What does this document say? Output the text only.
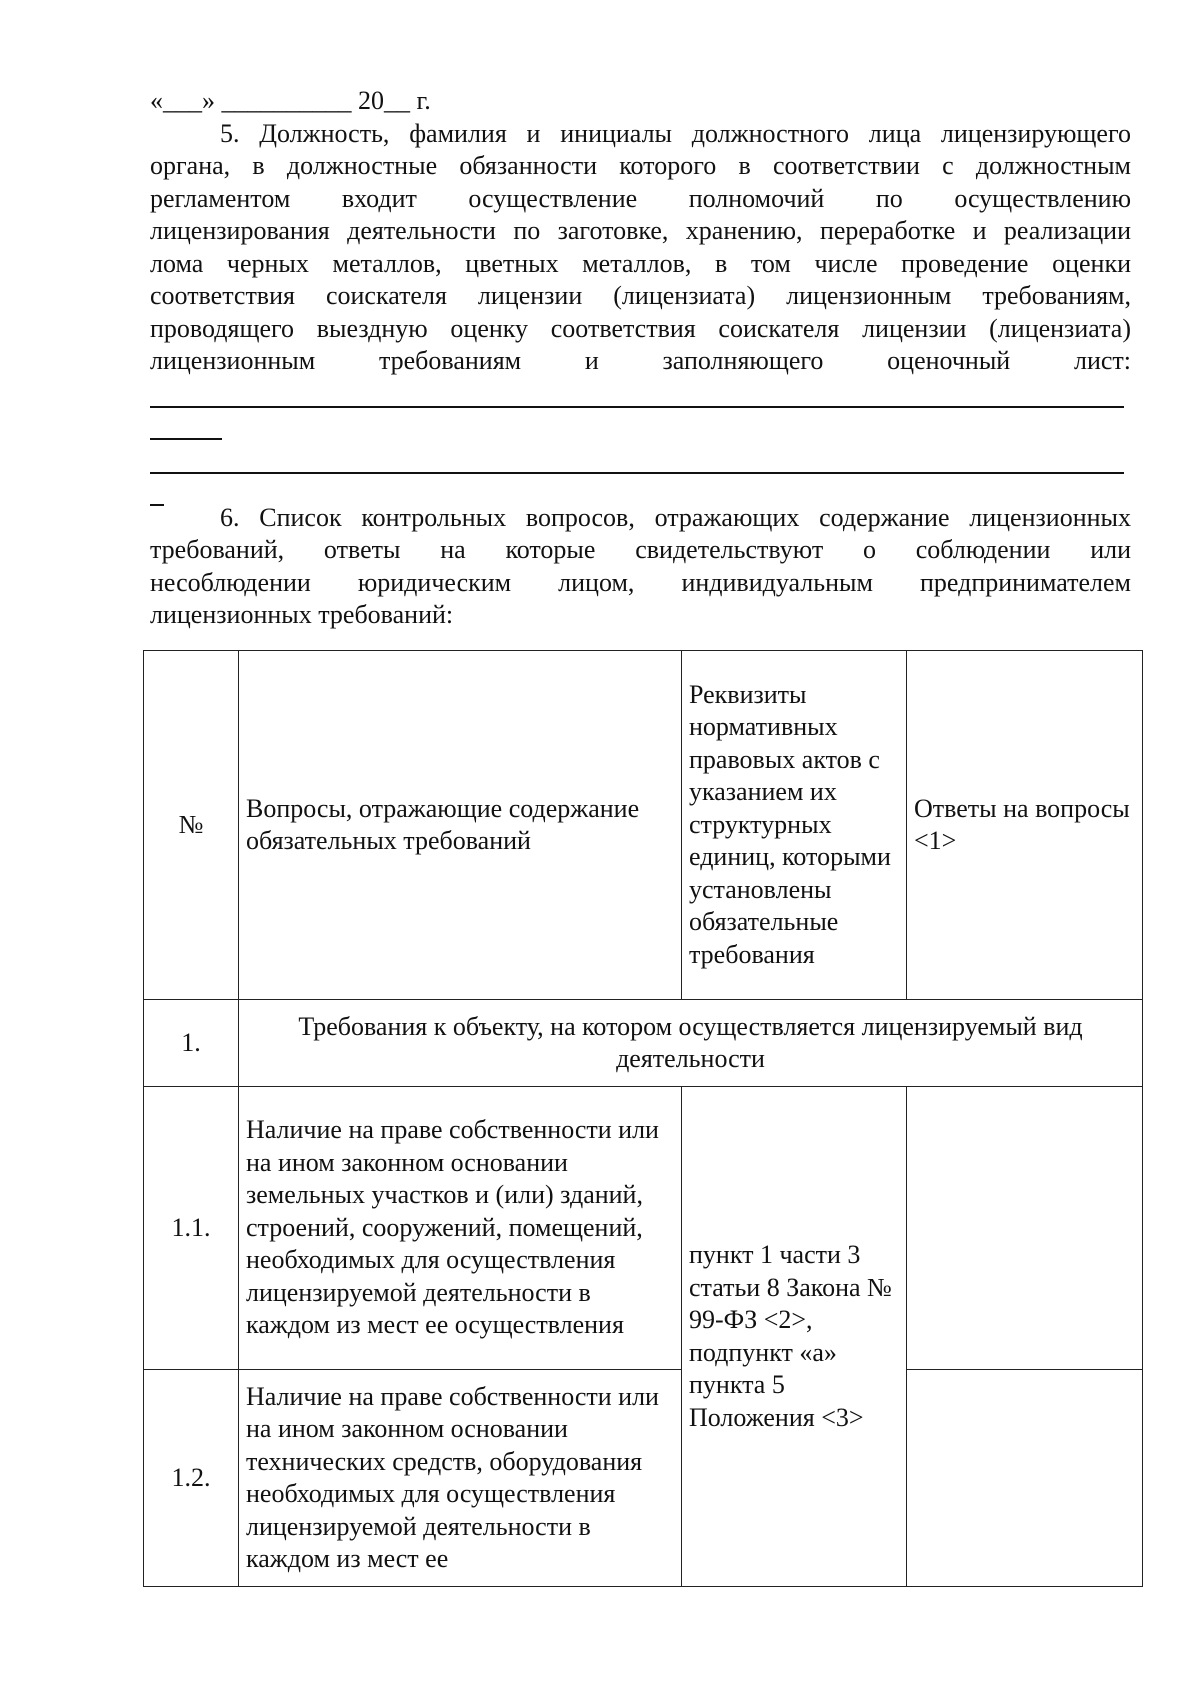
«___» __________ 20__ г.
5. Должность, фамилия и инициалы должностного лица лицензирующего
органа, в должностные обязанности которого в соответствии с должностным
регламентом входит осуществление полномочий по осуществлению
лицензирования деятельности по заготовке, хранению, переработке и реализации
лома черных металлов, цветных металлов, в том числе проведение оценки
соответствия соискателя лицензии (лицензиата) лицензионным требованиям,
проводящего выездную оценку соответствия соискателя лицензии (лицензиата)
лицензионным требованиям и заполняющего оценочный лист:
6. Список контрольных вопросов, отражающих содержание лицензионных
требований, ответы на которые свидетельствуют о соблюдении или
несоблюдении юридическим лицом, индивидуальным предпринимателем
лицензионных требований:
№	Вопросы, отражающие содержание обязательных требований	Реквизиты нормативных правовых актов с указанием их структурных единиц, которыми установлены обязательные требования	Ответы на вопросы <1>
1.	Требования к объекту, на котором осуществляется лицензируемый вид деятельности		
1.1.	Наличие на праве собственности или на ином законном основании земельных участков и (или) зданий, строений, сооружений, помещений, необходимых для осуществления лицензируемой деятельности в каждом из мест ее осуществления	пункт 1 части 3 статьи 8 Закона № 99-ФЗ <2>, подпункт «а» пункта 5 Положения <3>	
1.2.	Наличие на праве собственности или на ином законном основании технических средств, оборудования необходимых для осуществления лицензируемой деятельности в каждом из мест ее		
